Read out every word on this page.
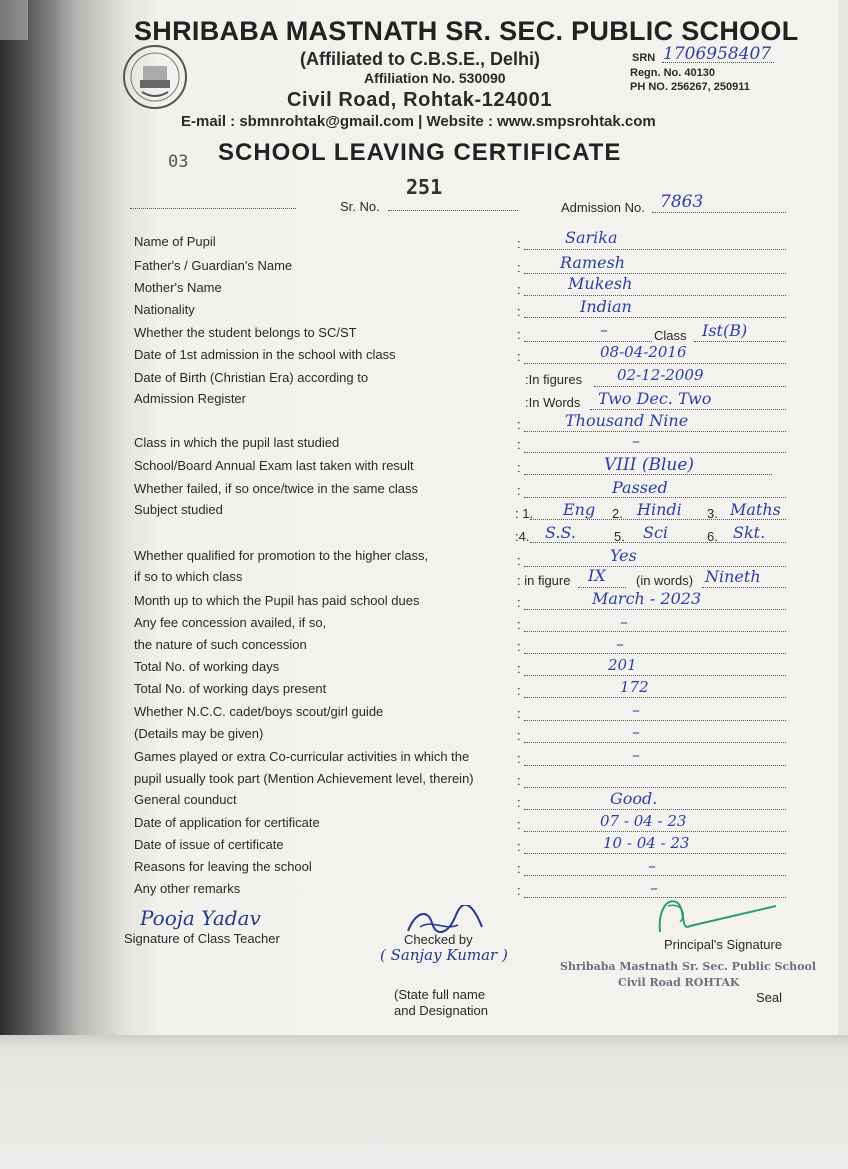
SHRIBABA MASTNATH SR. SEC. PUBLIC SCHOOL
(Affiliated to C.B.S.E., Delhi)
Affiliation No. 530090
Civil Road, Rohtak-124001
E-mail : sbmnrohtak@gmail.com | Website : www.smpsrohtak.com
SRN 1706958407
Regn. No. 40130
PH NO. 256267, 250911
03 SCHOOL LEAVING CERTIFICATE
251
Sr. No.	Admission No. 7863
Name of Pupil	:	Sarika
Father's / Guardian's Name	: Ramesh
Mother's Name	:	Mukesh
Nationality	:	Indian
Whether the student belongs to SC/ST	:	–	Class Ist(B)
Date of 1st admission in the school with class	:	08-04-2016
Date of Birth (Christian Era) according to	:In figures 02-12-2009
Admission Register	:In Words Two Dec. Two
:	Thousand Nine
Class in which the pupil last studied	:	–
School/Board Annual Exam last taken with result	:	VIII (Blue)
Whether failed, if so once/twice in the same class	:	Passed
Subject studied	: 1. Eng 2. Hindi 3. Maths
:4. S.S.	5. Sci	6. Skt.
Whether qualified for promotion to the higher class,	:	Yes
if so to which class	: in figure IX (in words) Nineth
Month up to which the Pupil has paid school dues	:	March - 2023
Any fee concession availed, if so,	:	–
the nature of such concession	:	–
Total No. of working days	:	201
Total No. of working days present	:	172
Whether N.C.C. cadet/boys scout/girl guide	:	–
(Details may be given)	:	–
Games played or extra Co-curricular activities in which the	:	–
pupil usually took part (Mention Achievement level, therein)	:
General counduct	:	Good.
Date of application for certificate	:	07 - 04 - 23
Date of issue of certificate	:	10 - 04 - 23
Reasons for leaving the school	:	–
Any other remarks	:	–
Pooja Yadav
Signature of Class Teacher	Checked by
( Sanjay Kumar )
(State full name
and Designation
Principal's Signature
Shribaba Mastnath Sr. Sec. Public School
Civil Road ROHTAK
Seal
